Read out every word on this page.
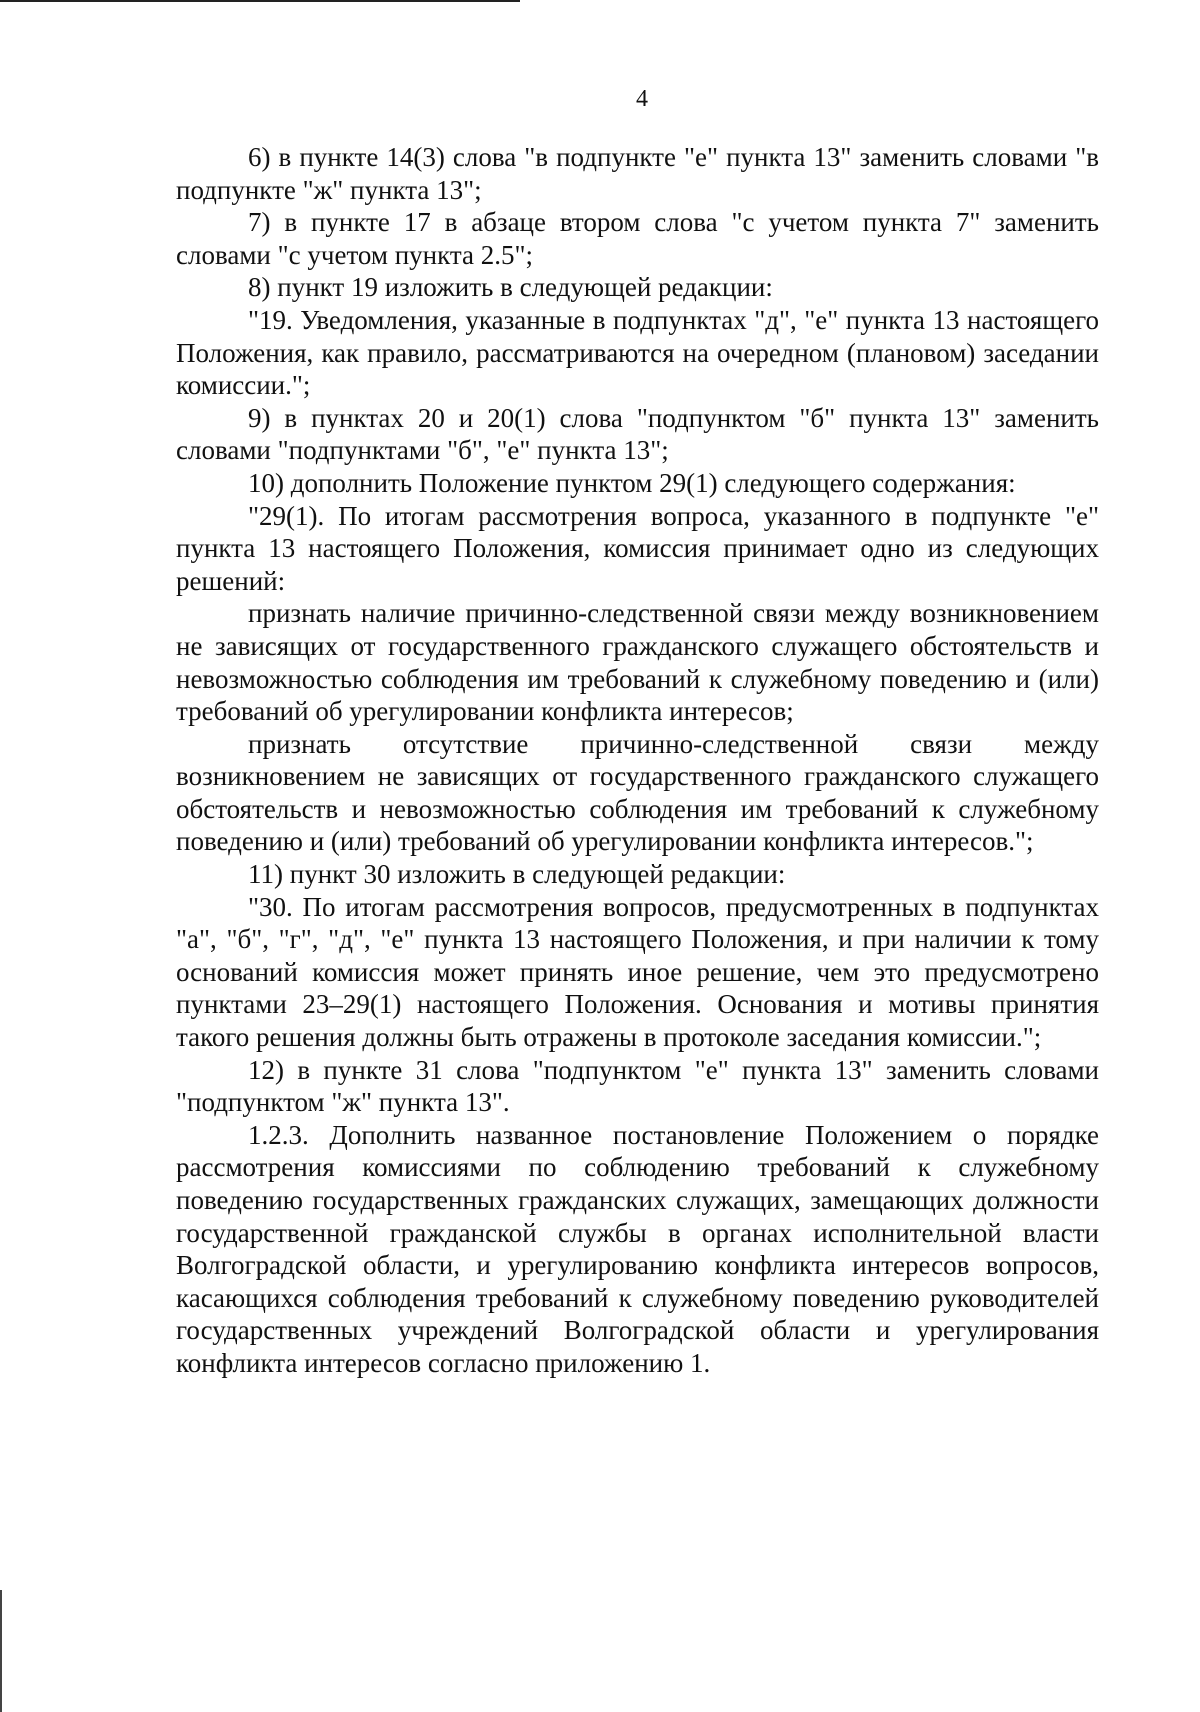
4

6) в пункте 14(3) слова "в подпункте "е" пункта 13" заменить словами "в подпункте "ж" пункта 13";

7) в пункте 17 в абзаце втором слова "с учетом пункта 7" заменить словами "с учетом пункта 2.5";

8) пункт 19 изложить в следующей редакции:

"19. Уведомления, указанные в подпунктах "д", "е" пункта 13 настоящего Положения, как правило, рассматриваются на очередном (плановом) заседании комиссии.";

9) в пунктах 20 и 20(1) слова "подпунктом "б" пункта 13" заменить словами "подпунктами "б", "е" пункта 13";

10) дополнить Положение пунктом 29(1) следующего содержания:

"29(1). По итогам рассмотрения вопроса, указанного в подпункте "е" пункта 13 настоящего Положения, комиссия принимает одно из следующих решений:

признать наличие причинно-следственной связи между возникновением не зависящих от государственного гражданского служащего обстоятельств и невозможностью соблюдения им требований к служебному поведению и (или) требований об урегулировании конфликта интересов;

признать отсутствие причинно-следственной связи между возникновением не зависящих от государственного гражданского служащего обстоятельств и невозможностью соблюдения им требований к служебному поведению и (или) требований об урегулировании конфликта интересов.";

11) пункт 30 изложить в следующей редакции:

"30. По итогам рассмотрения вопросов, предусмотренных в подпунктах "а", "б", "г", "д", "е" пункта 13 настоящего Положения, и при наличии к тому оснований комиссия может принять иное решение, чем это предусмотрено пунктами 23–29(1) настоящего Положения. Основания и мотивы принятия такого решения должны быть отражены в протоколе заседания комиссии.";

12) в пункте 31 слова "подпунктом "е" пункта 13" заменить словами "подпунктом "ж" пункта 13".

1.2.3. Дополнить названное постановление Положением о порядке рассмотрения комиссиями по соблюдению требований к служебному поведению государственных гражданских служащих, замещающих должности государственной гражданской службы в органах исполнительной власти Волгоградской области, и урегулированию конфликта интересов вопросов, касающихся соблюдения требований к служебному поведению руководителей государственных учреждений Волгоградской области и урегулирования конфликта интересов согласно приложению 1.
